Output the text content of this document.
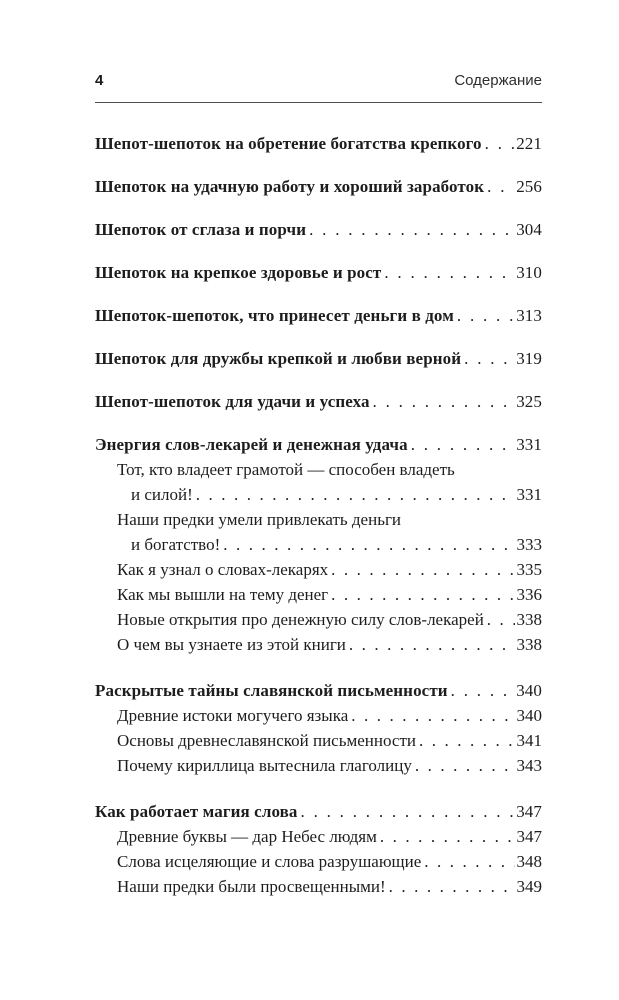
4	Содержание
Шепот-шепоток на обретение богатства крепкого .  . 221
Шепоток на удачную работу и хороший заработок .  . 256
Шепоток от сглаза и порчи .  .	304
Шепоток на крепкое здоровье и рост .  .	310
Шепоток-шепоток, что принесет деньги в дом .  .	313
Шепоток для дружбы крепкой и любви верной .  .	319
Шепот-шепоток для удачи и успеха .  .	325
Энергия слов-лекарей и денежная удача .  .	331
Тот, кто владеет грамотой — способен владеть
и силой! .  .	331
Наши предки умели привлекать деньги
и богатство! .  .	333
Как я узнал о словах-лекарях .  .	335
Как мы вышли на тему денег .  .	336
Новые открытия про денежную силу слов-лекарей .  . 338
О чем вы узнаете из этой книги .  .	338
Раскрытые тайны славянской письменности .  .	340
Древние истоки могучего языка .  .	340
Основы древнеславянской письменности .  .	341
Почему кириллица вытеснила глаголицу .  .	343
Как работает магия слова .  .	347
Древние буквы — дар Небес людям .  .	347
Слова исцеляющие и слова разрушающие .  .	348
Наши предки были просвещенными! .  .	349
